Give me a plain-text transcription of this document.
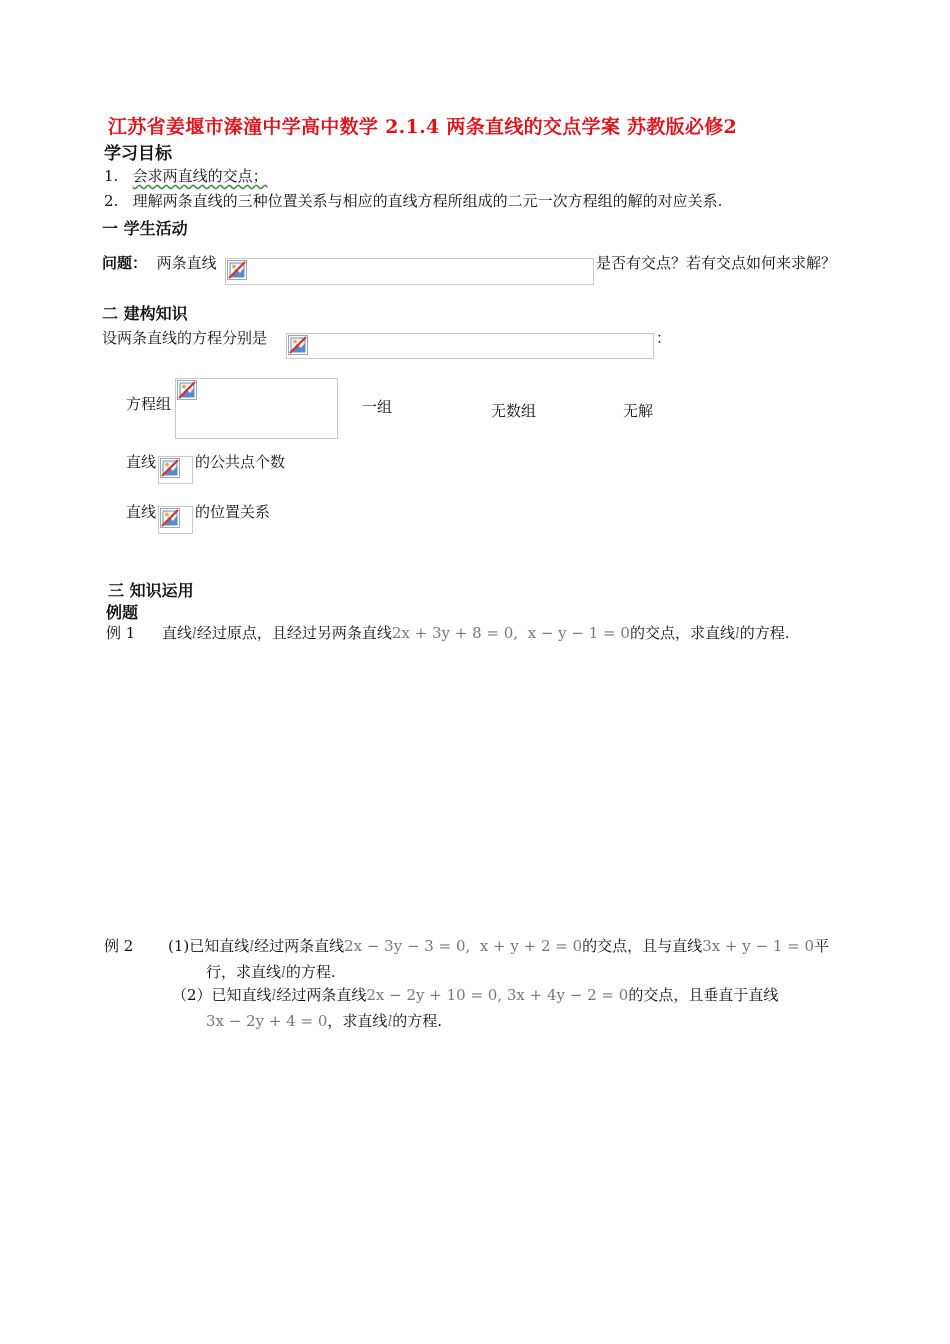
江苏省姜堰市溱潼中学高中数学 2.1.4 两条直线的交点学案 苏教版必修2
学习目标
1. 会求两直线的交点；
2. 理解两条直线的三种位置关系与相应的直线方程所组成的二元一次方程组的解的对应关系.
一 学生活动
问题： 两条直线	是否有交点？若有交点如何来求解？
二 建构知识
设两条直线的方程分别是	：
方程组	一组	无数组	无解
直线	的公共点个数
直线	的位置关系
三 知识运用
例题
例 1 直线l经过原点，且经过另两条直线2x + 3y + 8 = 0, x − y − 1 = 0的交点，求直线l的方程.
例 2 (1)已知直线l经过两条直线2x − 3y − 3 = 0, x + y + 2 = 0的交点，且与直线3x + y − 1 = 0平
行，求直线l的方程.
（2）已知直线l经过两条直线2x − 2y + 10 = 0, 3x + 4y − 2 = 0的交点，且垂直于直线
3x − 2y + 4 = 0，求直线l的方程.
